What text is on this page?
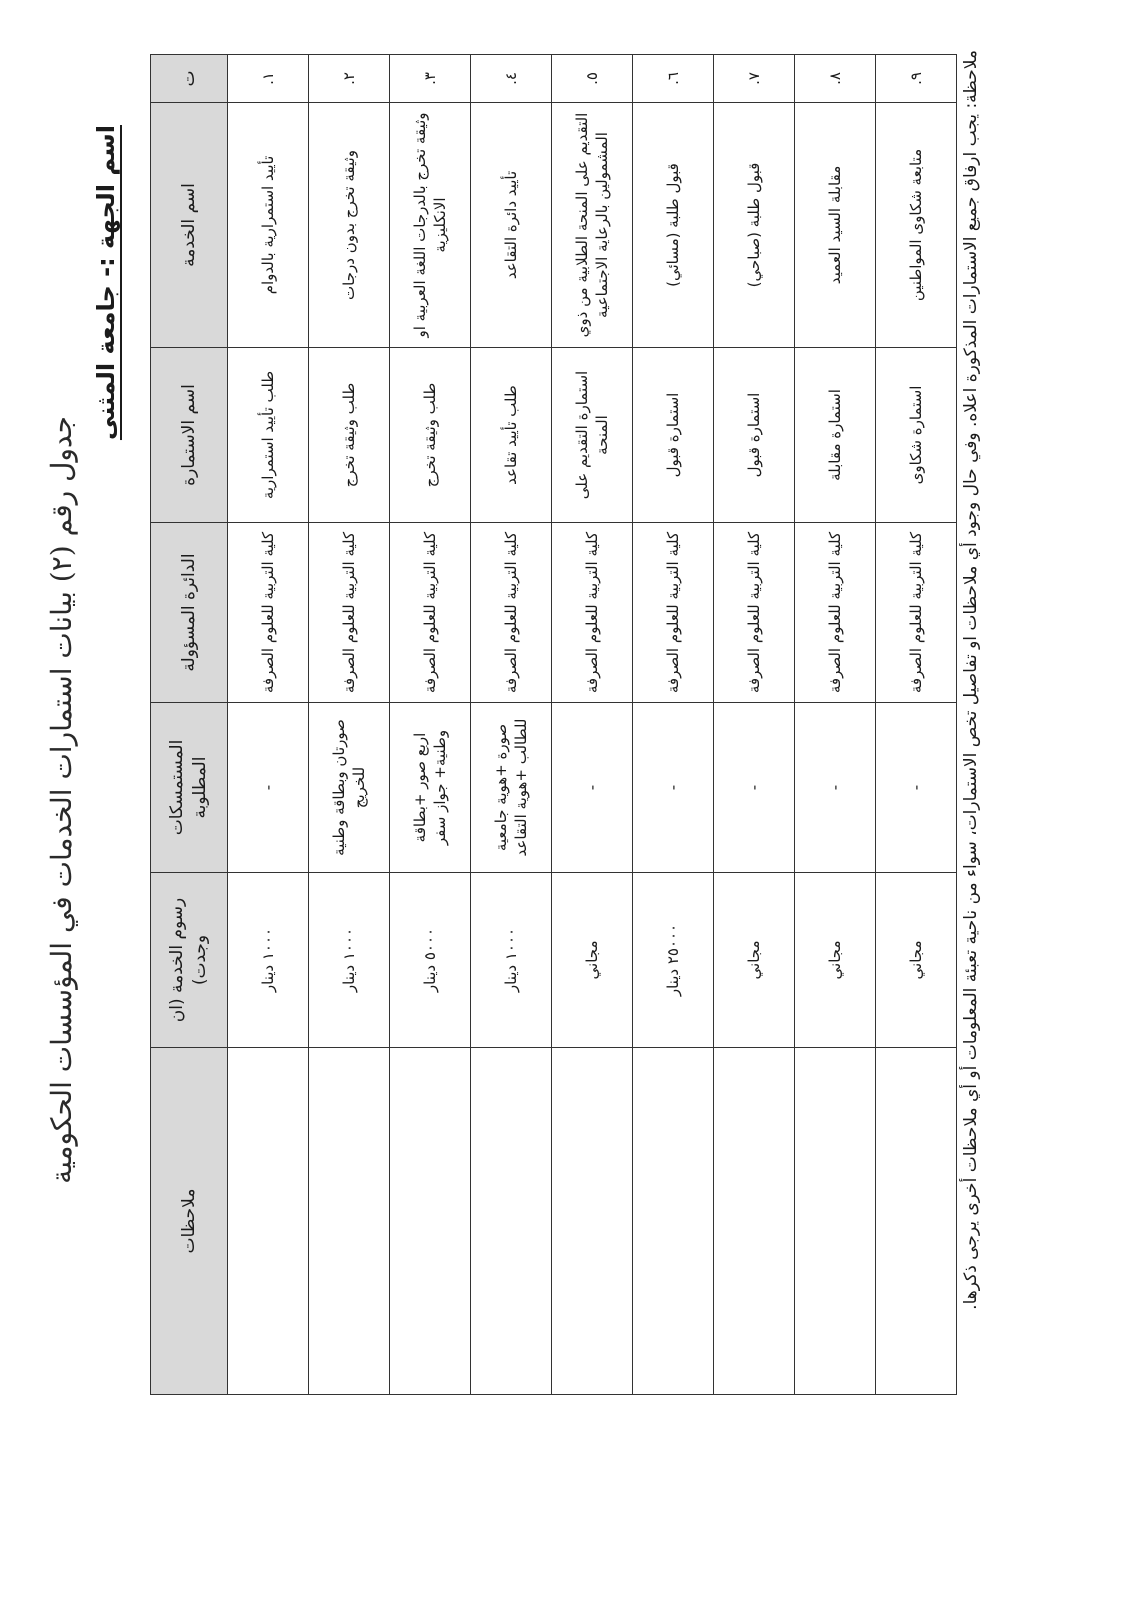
جدول رقم (٢) بيانات استمارات الخدمات في المؤسسات الحكومية
اسم الجهة :- جامعة المثنى
ت	اسم الخدمة	اسم الاستمارة	الدائرة المسؤولة	المستمسكات المطلوبة	رسوم الخدمة (ان وجدت)	ملاحظات
١.	تأييد استمرارية بالدوام	طلب تأييد استمرارية	كلية التربية للعلوم الصرفة	-	١٠٠٠ دينار	
٢.	وثيقة تخرج بدون درجات	طلب وثيقة تخرج	كلية التربية للعلوم الصرفة	صورتان وبطاقة وطنية للخريج	١٠٠٠ دينار	
٣.	وثيقة تخرج بالدرجات اللغة العربية او الانكليزية	طلب وثيقة تخرج	كلية التربية للعلوم الصرفة	اربع صور +بطاقة وطنية+ جواز سفر	٥٠٠٠ دينار	
٤.	تأييد دائرة التقاعد	طلب تأييد تقاعد	كلية التربية للعلوم الصرفة	صورة +هوية جامعية للطالب +هوية التقاعد	١٠٠٠ دينار	
٥.	التقديم على المنحة الطلابية من ذوي المشمولين بالرعاية الاجتماعية	استمارة التقديم على المنحة	كلية التربية للعلوم الصرفة	-	مجاني	
٦.	قبول طلبة (مسائي)	استمارة قبول	كلية التربية للعلوم الصرفة	-	٢٥٠٠٠ دينار	
٧.	قبول طلبة (صباحي)	استمارة قبول	كلية التربية للعلوم الصرفة	-	مجاني	
٨.	مقابلة السيد العميد	استمارة مقابلة	كلية التربية للعلوم الصرفة	-	مجاني	
٩.	متابعة شكاوى المواطنين	استمارة شكاوى	كلية التربية للعلوم الصرفة	-	مجاني		ملاحظة: يجب ارفاق جميع الاستمارات المذكورة اعلاه. وفي حال وجود أي ملاحظات او تفاصيل تخص الاستمارات، سواء من ناحية تعبئة المعلومات أو أي ملاحظات أخرى يرجى ذكرها.
